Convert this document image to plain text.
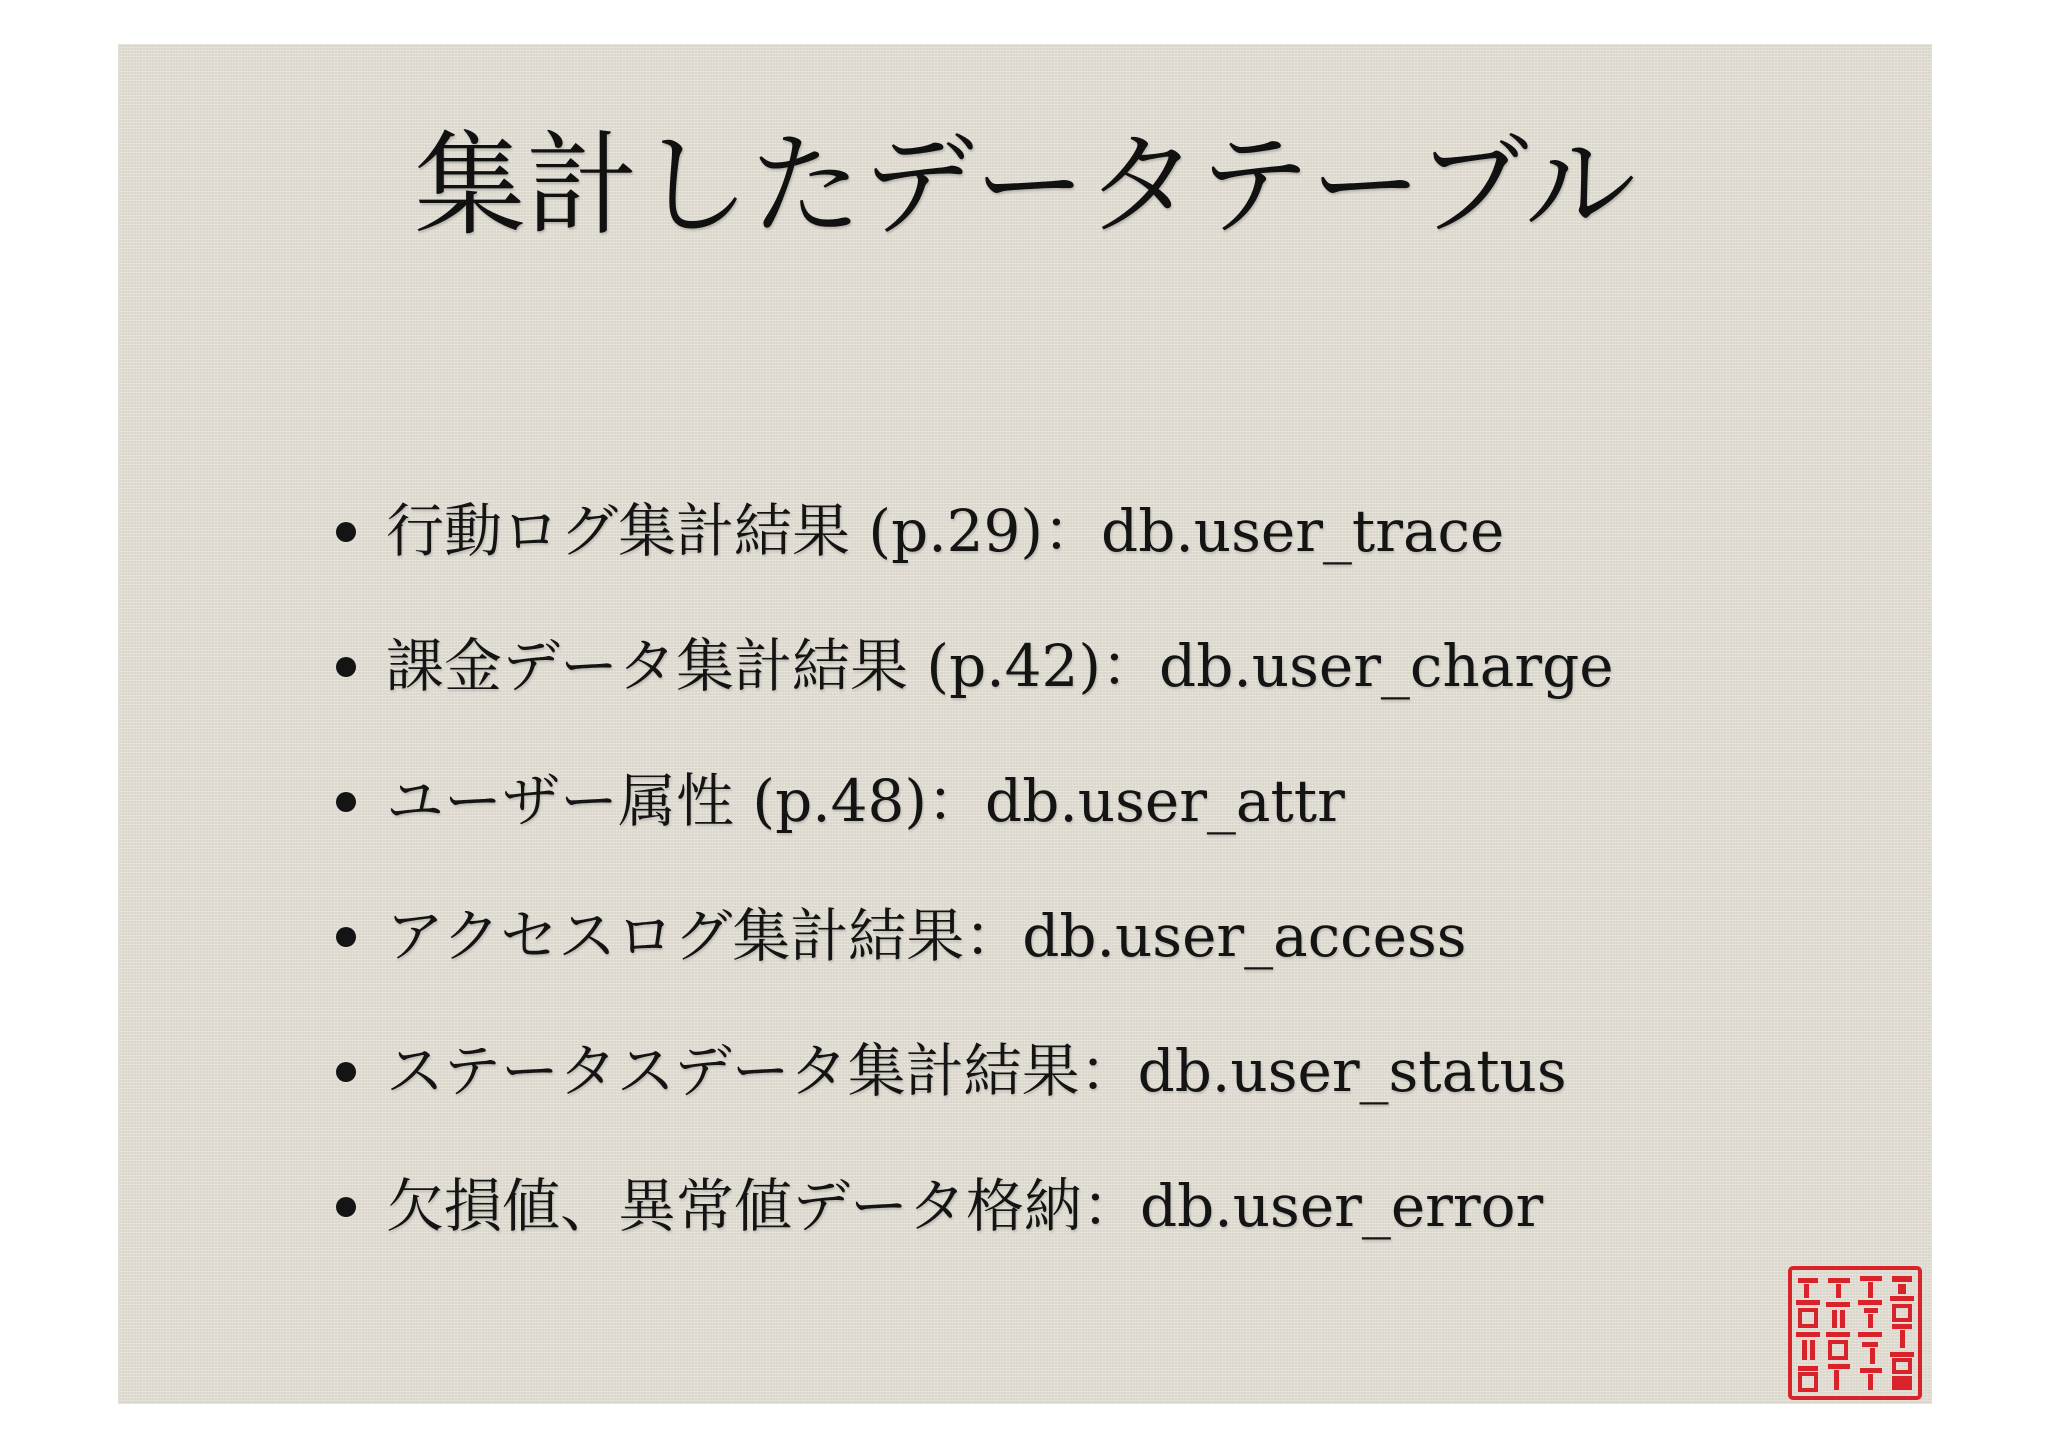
集計したデータテーブル
行動ログ集計結果 (p.29)：db.user_trace
課金データ集計結果 (p.42)：db.user_charge
ユーザー属性 (p.48)：db.user_attr
アクセスログ集計結果：db.user_access
ステータスデータ集計結果：db.user_status
欠損値、異常値データ格納：db.user_error
